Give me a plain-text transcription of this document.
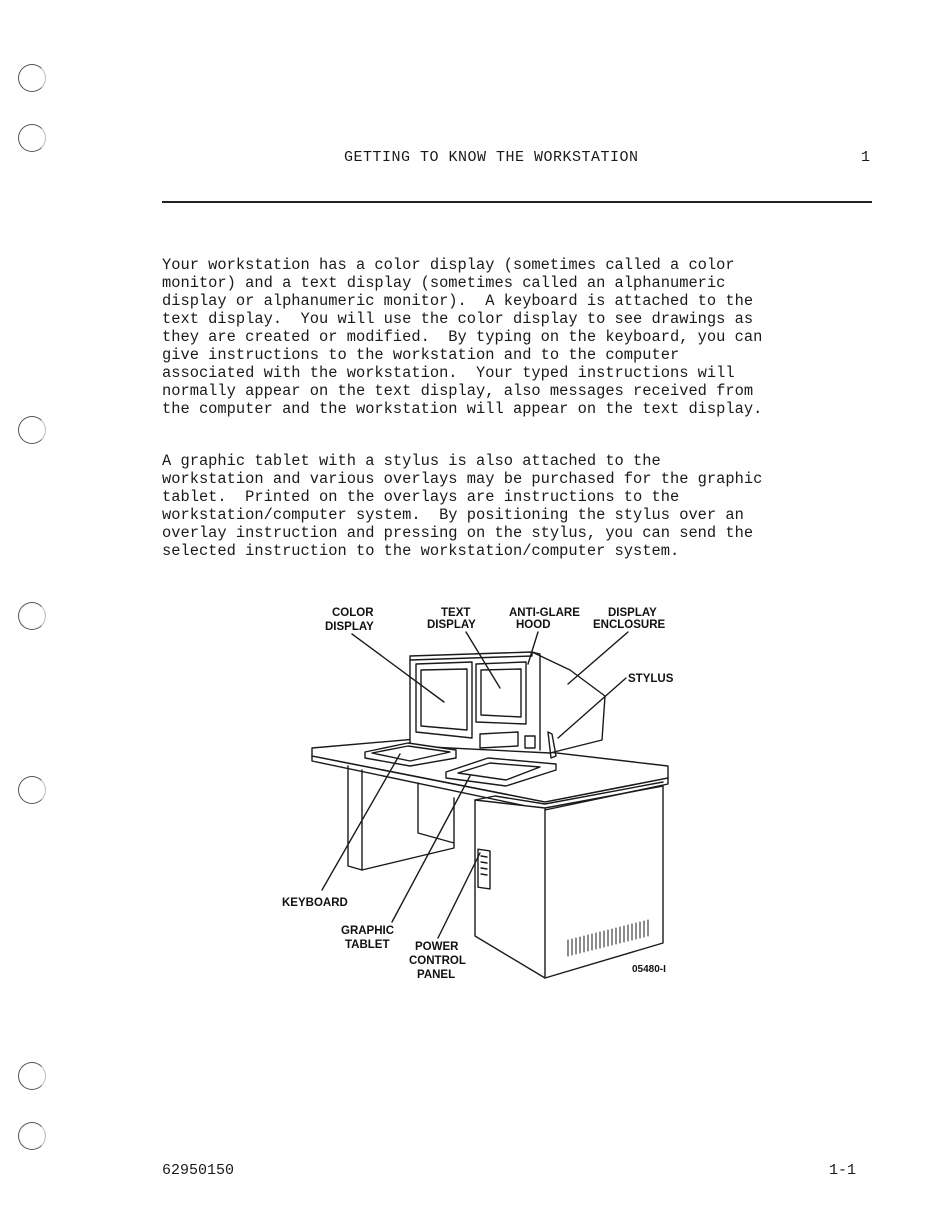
GETTING TO KNOW THE WORKSTATION	1
Your workstation has a color display (sometimes called a color
monitor) and a text display (sometimes called an alphanumeric
display or alphanumeric monitor).  A keyboard is attached to the
text display.  You will use the color display to see drawings as
they are created or modified.  By typing on the keyboard, you can
give instructions to the workstation and to the computer
associated with the workstation.  Your typed instructions will
normally appear on the text display, also messages received from
the computer and the workstation will appear on the text display.
A graphic tablet with a stylus is also attached to the
workstation and various overlays may be purchased for the graphic
tablet.  Printed on the overlays are instructions to the
workstation/computer system.  By positioning the stylus over an
overlay instruction and pressing on the stylus, you can send the
selected instruction to the workstation/computer system.
COLOR
DISPLAY
TEXT
DISPLAY
ANTI-GLARE
HOOD
DISPLAY
ENCLOSURE
STYLUS
KEYBOARD
GRAPHIC
TABLET POWER
CONTROL
PANEL	05480-I
62950150	1-1
